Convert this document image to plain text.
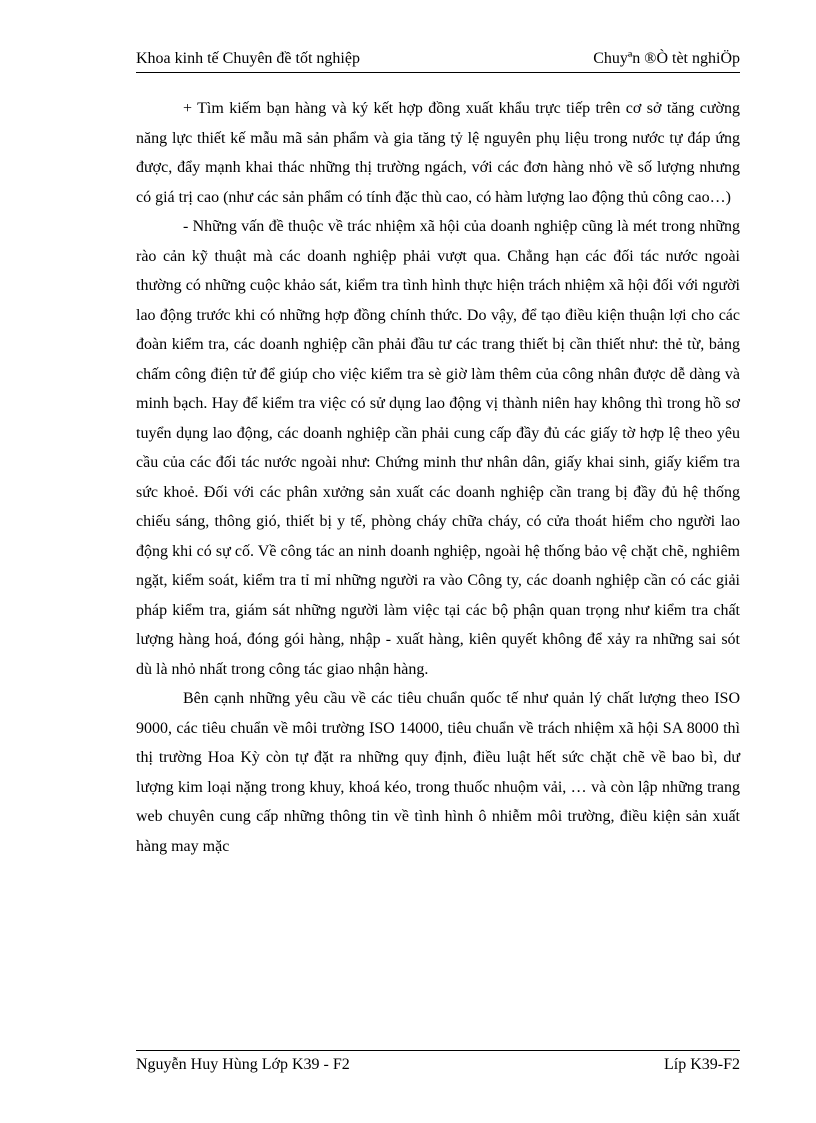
Khoa kinh tế Chuyên đề tốt nghiệp	Chuyªn ®Ò tèt nghiÖp

+ Tìm kiếm bạn hàng và ký kết hợp đồng xuất khẩu trực tiếp trên cơ sở tăng cường năng lực thiết kế mẫu mã sản phẩm và gia tăng tỷ lệ nguyên phụ liệu trong nước tự đáp ứng được, đẩy mạnh khai thác những thị trường ngách, với các đơn hàng nhỏ về số lượng nhưng có giá trị cao (như các sản phẩm có tính đặc thù cao, có hàm lượng lao động thủ công cao…)

- Những vấn đề thuộc về trác nhiệm xã hội của doanh nghiệp cũng là mét trong những rào cản kỹ thuật mà các doanh nghiệp phải vượt qua. Chẳng hạn các đối tác nước ngoài thường có những cuộc khảo sát, kiểm tra tình hình thực hiện trách nhiệm xã hội đối với người lao động trước khi có những hợp đồng chính thức. Do vậy, để tạo điều kiện thuận lợi cho các đoàn kiểm tra, các doanh nghiệp cần phải đầu tư các trang thiết bị cần thiết như: thẻ từ, bảng chấm công điện tử để giúp cho việc kiểm tra sè giờ làm thêm của công nhân được dễ dàng và minh bạch. Hay để kiểm tra việc có sử dụng lao động vị thành niên hay không thì trong hồ sơ tuyển dụng lao động, các doanh nghiệp cần phải cung cấp đầy đủ các giấy tờ hợp lệ theo yêu cầu của các đối tác nước ngoài như: Chứng minh thư nhân dân, giấy khai sinh, giấy kiểm tra sức khoẻ. Đối với các phân xưởng sản xuất các doanh nghiệp cần trang bị đầy đủ hệ thống chiếu sáng, thông gió, thiết bị y tế, phòng cháy chữa cháy, có cửa thoát hiểm cho người lao động khi có sự cố. Về công tác an ninh doanh nghiệp, ngoài hệ thống bảo vệ chặt chẽ, nghiêm ngặt, kiểm soát, kiểm tra tỉ mỉ những người ra vào Công ty, các doanh nghiệp cần có các giải pháp kiểm tra, giám sát những người làm việc tại các bộ phận quan trọng như kiểm tra chất lượng hàng hoá, đóng gói hàng, nhập - xuất hàng, kiên quyết không để xảy ra những sai sót dù là nhỏ nhất trong công tác giao nhận hàng.

Bên cạnh những yêu cầu về các tiêu chuẩn quốc tế như quản lý chất lượng theo ISO 9000, các tiêu chuẩn về môi trường ISO 14000, tiêu chuẩn về trách nhiệm xã hội SA 8000 thì thị trường Hoa Kỳ còn tự đặt ra những quy định, điều luật hết sức chặt chẽ về bao bì, dư lượng kim loại nặng trong khuy, khoá kéo, trong thuốc nhuộm vải, … và còn lập những trang web chuyên cung cấp những thông tin về tình hình ô nhiễm môi trường, điều kiện sản xuất hàng may mặc

Nguyễn Huy Hùng Lớp K39 - F2	Líp K39-F2
